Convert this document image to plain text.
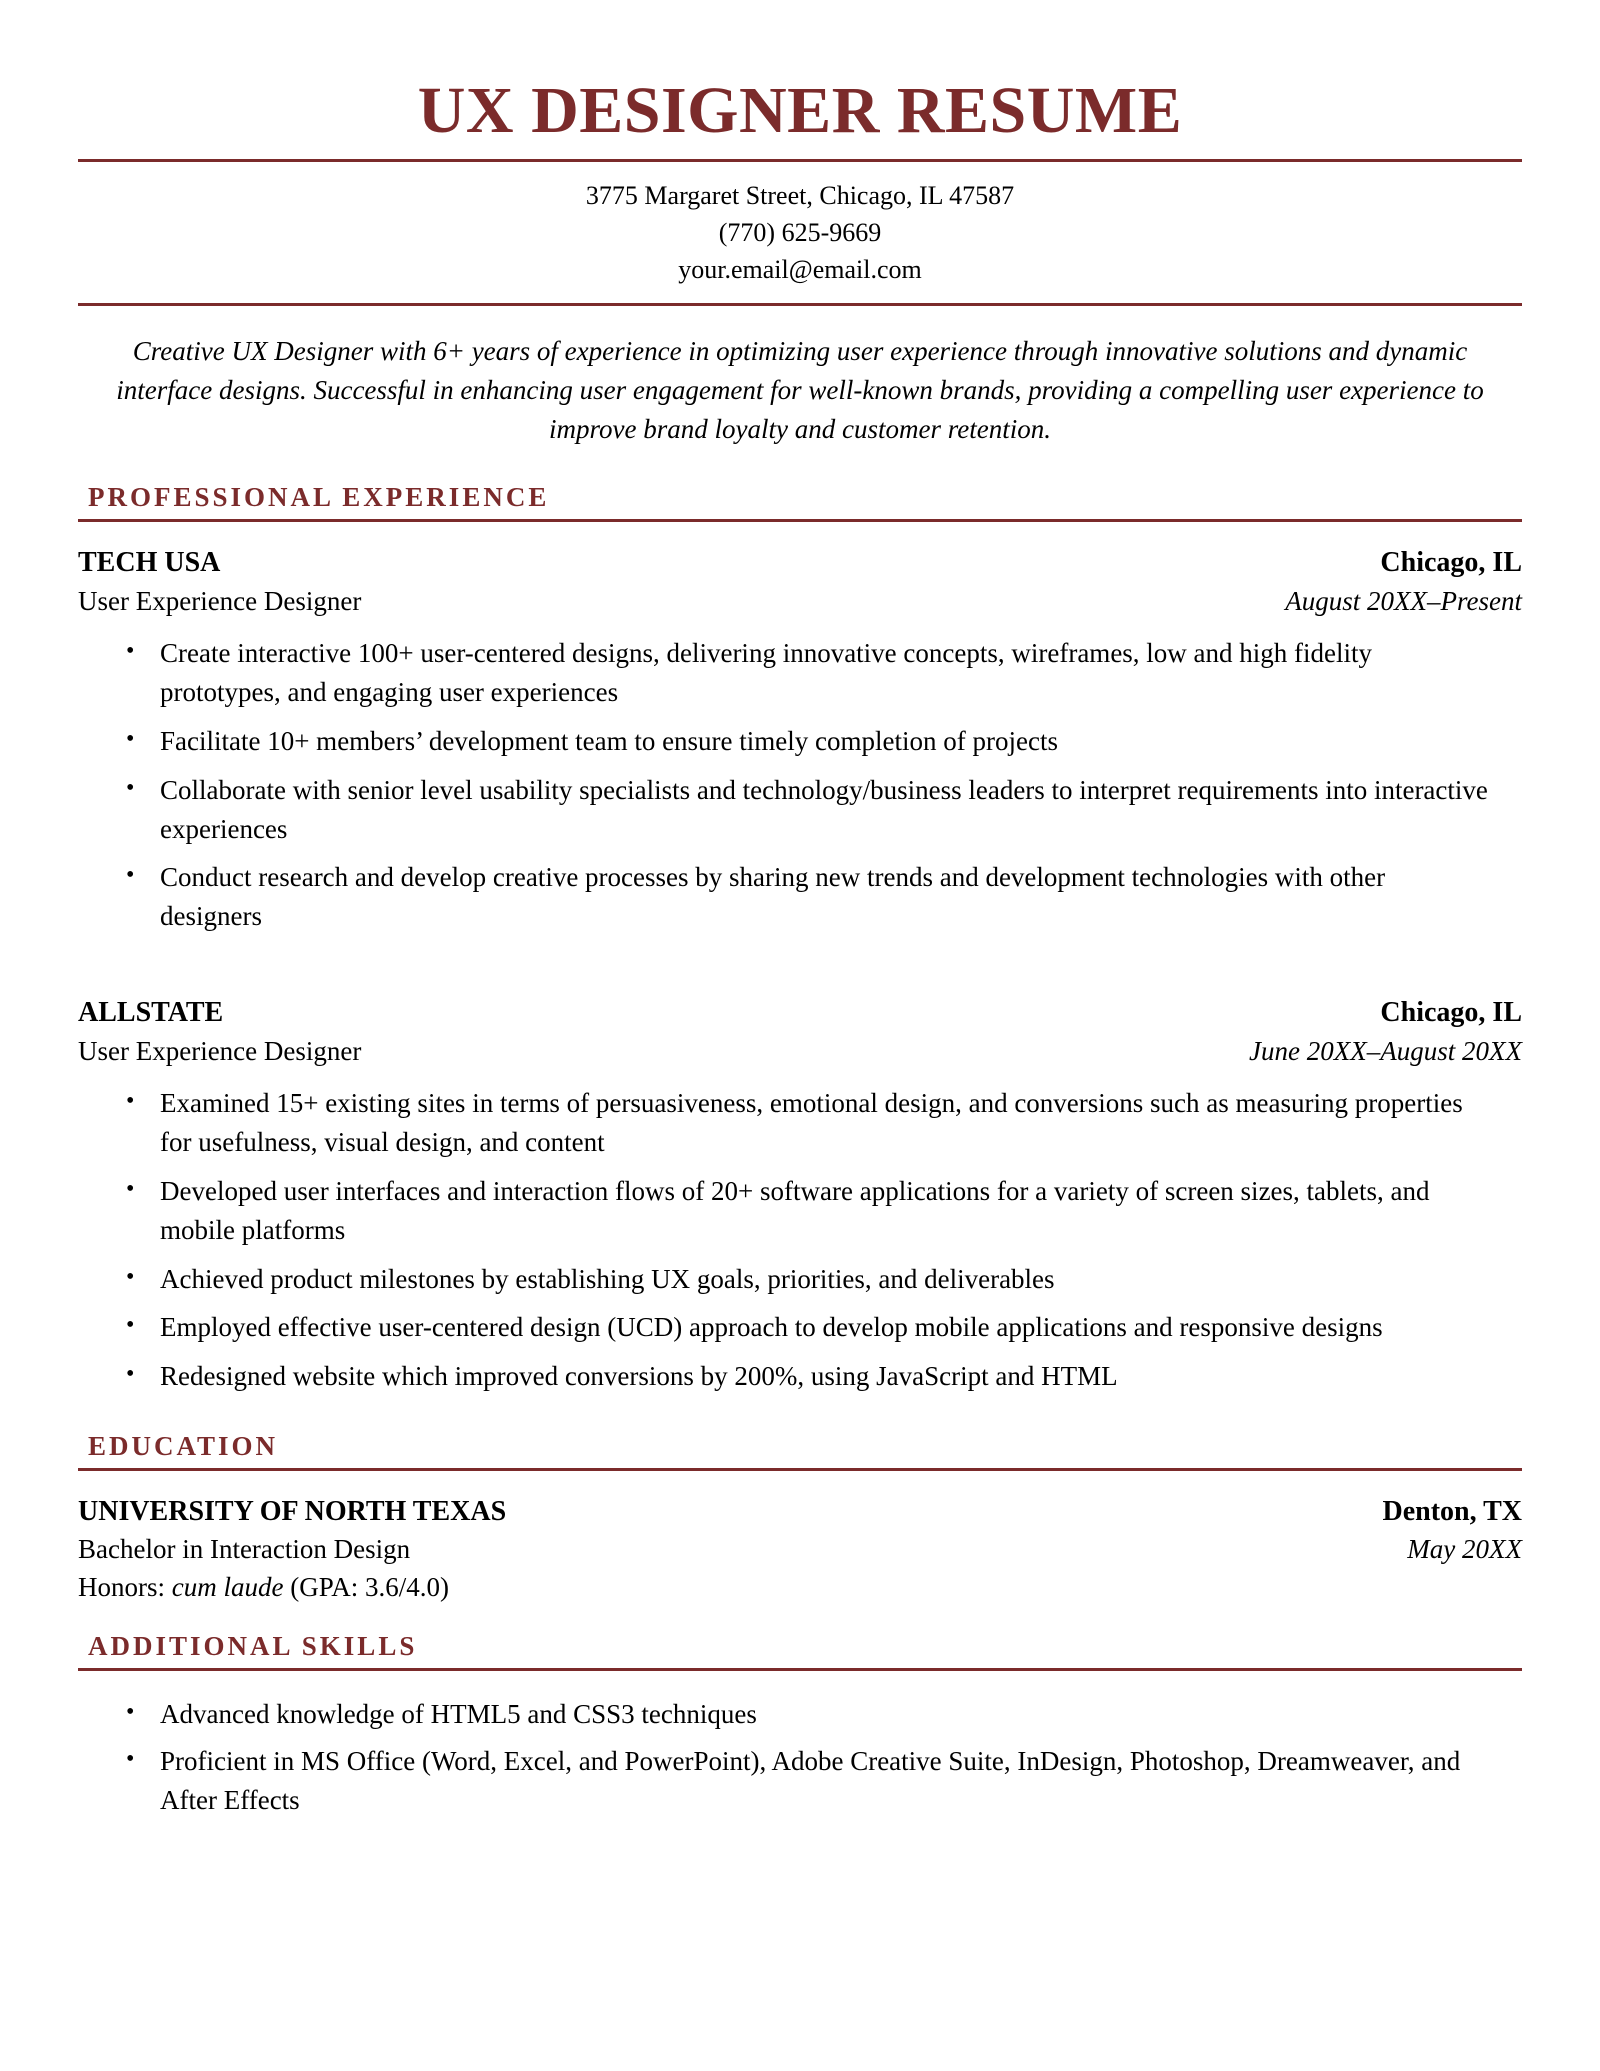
UX DESIGNER RESUME
3775 Margaret Street, Chicago, IL 47587
(770) 625-9669
your.email@email.com
Creative UX Designer with 6+ years of experience in optimizing user experience through innovative solutions and dynamic interface designs. Successful in enhancing user engagement for well-known brands, providing a compelling user experience to improve brand loyalty and customer retention.
PROFESSIONAL EXPERIENCE
TECH USA	Chicago, IL
User Experience Designer	August 20XX–Present
• Create interactive 100+ user-centered designs, delivering innovative concepts, wireframes, low and high fidelity prototypes, and engaging user experiences
• Facilitate 10+ members’ development team to ensure timely completion of projects
• Collaborate with senior level usability specialists and technology/business leaders to interpret requirements into interactive experiences
• Conduct research and develop creative processes by sharing new trends and development technologies with other designers
ALLSTATE	Chicago, IL
User Experience Designer	June 20XX–August 20XX
• Examined 15+ existing sites in terms of persuasiveness, emotional design, and conversions such as measuring properties for usefulness, visual design, and content
• Developed user interfaces and interaction flows of 20+ software applications for a variety of screen sizes, tablets, and mobile platforms
• Achieved product milestones by establishing UX goals, priorities, and deliverables
• Employed effective user-centered design (UCD) approach to develop mobile applications and responsive designs
• Redesigned website which improved conversions by 200%, using JavaScript and HTML
EDUCATION
UNIVERSITY OF NORTH TEXAS	Denton, TX
Bachelor in Interaction Design	May 20XX
Honors: cum laude (GPA: 3.6/4.0)
ADDITIONAL SKILLS
• Advanced knowledge of HTML5 and CSS3 techniques
• Proficient in MS Office (Word, Excel, and PowerPoint), Adobe Creative Suite, InDesign, Photoshop, Dreamweaver, and After Effects
